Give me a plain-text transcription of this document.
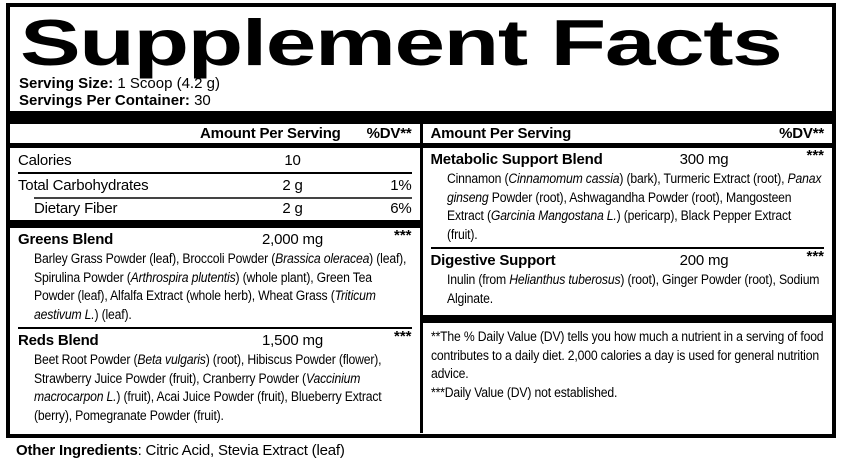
Supplement Facts
Serving Size: 1 Scoop (4.2 g)
Servings Per Container: 30
Amount Per Serving %DV**
Calories	10
Total Carbohydrates	2 g	1%
Dietary Fiber	2 g	6%
Greens Blend	2,000 mg	***
Barley Grass Powder (leaf), Broccoli Powder (Brassica oleracea) (leaf), Spirulina Powder (Arthrospira plutentis) (whole plant), Green Tea Powder (leaf), Alfalfa Extract (whole herb), Wheat Grass (Triticum aestivum L.) (leaf).
Reds Blend	1,500 mg	***
Beet Root Powder (Beta vulgaris) (root), Hibiscus Powder (flower), Strawberry Juice Powder (fruit), Cranberry Powder (Vaccinium macrocarpon L.) (fruit), Acai Juice Powder (fruit), Blueberry Extract (berry), Pomegranate Powder (fruit).
Amount Per Serving	%DV**
Metabolic Support Blend	300 mg	***
Cinnamon (Cinnamomum cassia) (bark), Turmeric Extract (root), Panax ginseng Powder (root), Ashwagandha Powder (root), Mangosteen Extract (Garcinia Mangostana L.) (pericarp), Black Pepper Extract (fruit).
Digestive Support	200 mg	***
Inulin (from Helianthus tuberosus) (root), Ginger Powder (root), Sodium Alginate.
**The % Daily Value (DV) tells you how much a nutrient in a serving of food contributes to a daily diet. 2,000 calories a day is used for general nutrition advice.
***Daily Value (DV) not established.
Other Ingredients: Citric Acid, Stevia Extract (leaf)
